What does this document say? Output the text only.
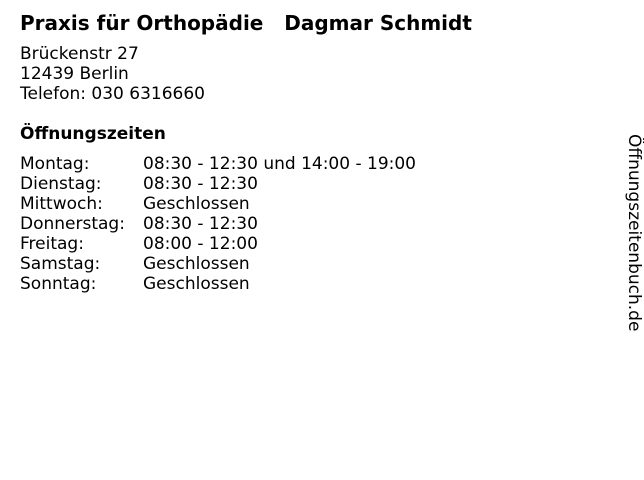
Praxis für Orthopädie   Dagmar Schmidt
Brückenstr 27
12439 Berlin
Telefon: 030 6316660
Öffnungszeiten
Montag:	08:30 - 12:30 und 14:00 - 19:00
Dienstag:	08:30 - 12:30
Mittwoch:	Geschlossen
Donnerstag:	08:30 - 12:30
Freitag:	08:00 - 12:00
Samstag:	Geschlossen
Sonntag:	Geschlossen	Öffnungszeitenbuch.de
